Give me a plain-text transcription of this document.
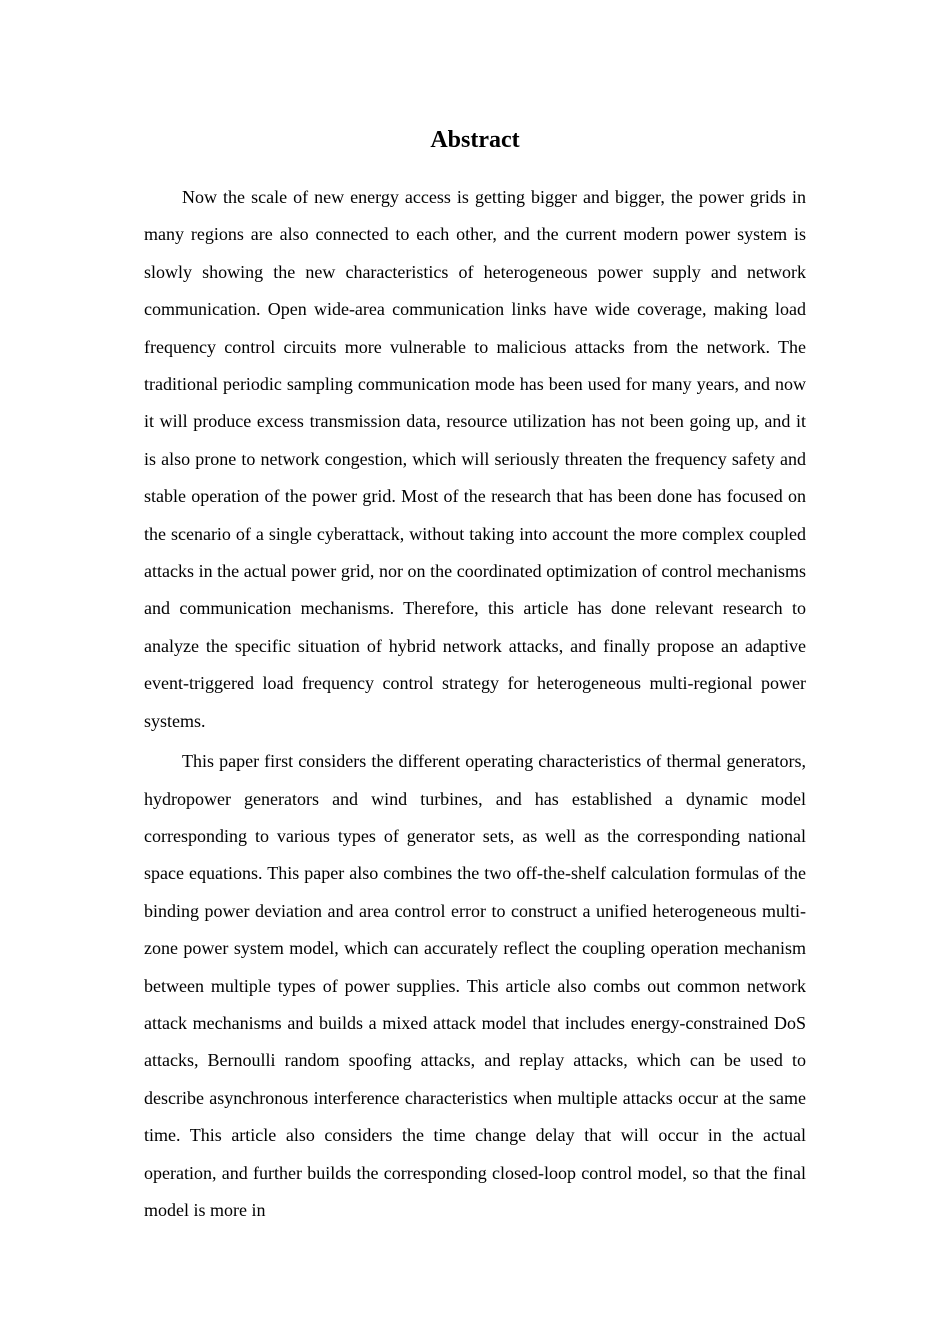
Abstract

Now the scale of new energy access is getting bigger and bigger, the power grids in many regions are also connected to each other, and the current modern power system is slowly showing the new characteristics of heterogeneous power supply and network communication. Open wide-area communication links have wide coverage, making load frequency control circuits more vulnerable to malicious attacks from the network. The traditional periodic sampling communication mode has been used for many years, and now it will produce excess transmission data, resource utilization has not been going up, and it is also prone to network congestion, which will seriously threaten the frequency safety and stable operation of the power grid. Most of the research that has been done has focused on the scenario of a single cyberattack, without taking into account the more complex coupled attacks in the actual power grid, nor on the coordinated optimization of control mechanisms and communication mechanisms. Therefore, this article has done relevant research to analyze the specific situation of hybrid network attacks, and finally propose an adaptive event-triggered load frequency control strategy for heterogeneous multi-regional power systems.

This paper first considers the different operating characteristics of thermal generators, hydropower generators and wind turbines, and has established a dynamic model corresponding to various types of generator sets, as well as the corresponding national space equations. This paper also combines the two off-the-shelf calculation formulas of the binding power deviation and area control error to construct a unified heterogeneous multi-zone power system model, which can accurately reflect the coupling operation mechanism between multiple types of power supplies. This article also combs out common network attack mechanisms and builds a mixed attack model that includes energy-constrained DoS attacks, Bernoulli random spoofing attacks, and replay attacks, which can be used to describe asynchronous interference characteristics when multiple attacks occur at the same time. This article also considers the time change delay that will occur in the actual operation, and further builds the corresponding closed-loop control model, so that the final model is more in
